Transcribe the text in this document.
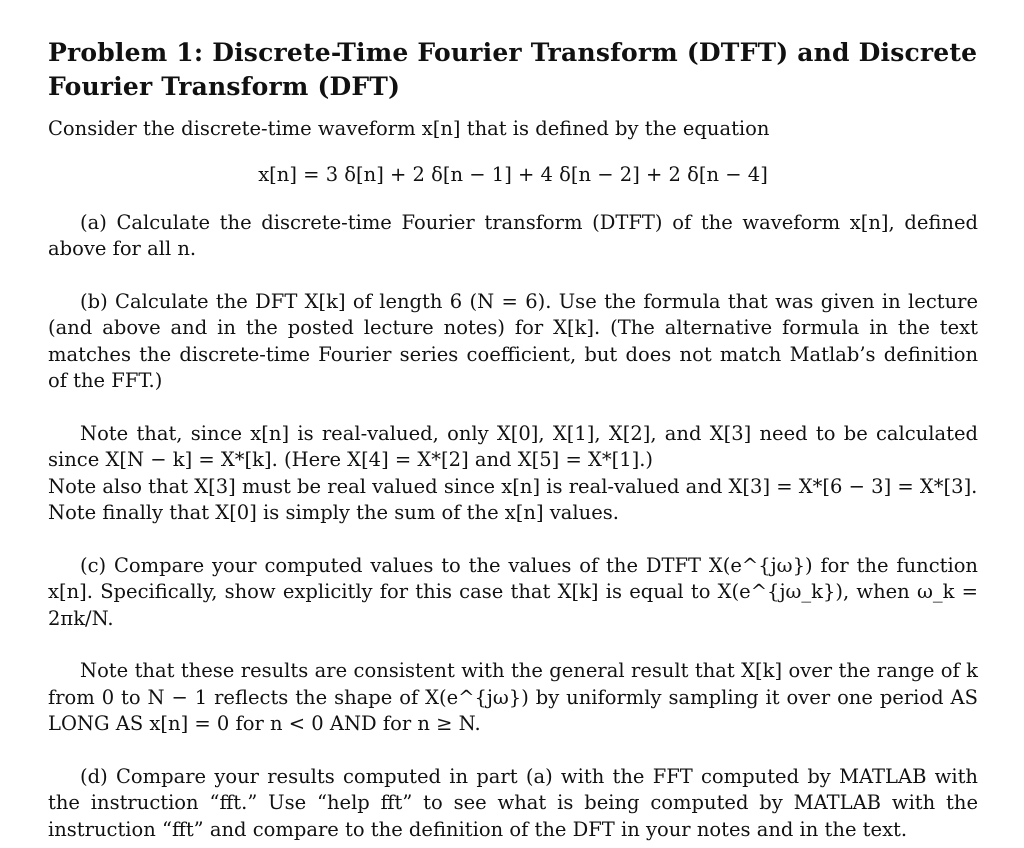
Problem 1: Discrete-Time Fourier Transform (DTFT) and Discrete Fourier Transform (DFT)

Consider the discrete-time waveform x[n] that is defined by the equation

x[n] = 3 δ[n] + 2 δ[n − 1] + 4 δ[n − 2] + 2 δ[n − 4]

(a) Calculate the discrete-time Fourier transform (DTFT) of the waveform x[n], defined above for all n.

(b) Calculate the DFT X[k] of length 6 (N = 6). Use the formula that was given in lecture (and above and in the posted lecture notes) for X[k]. (The alternative formula in the text matches the discrete-time Fourier series coefficient, but does not match Matlab’s definition of the FFT.)

Note that, since x[n] is real-valued, only X[0], X[1], X[2], and X[3] need to be calculated since X[N − k] = X*[k]. (Here X[4] = X*[2] and X[5] = X*[1].)

Note also that X[3] must be real valued since x[n] is real-valued and X[3] = X*[6 − 3] = X*[3].

Note finally that X[0] is simply the sum of the x[n] values.

(c) Compare your computed values to the values of the DTFT X(e^{jω}) for the function x[n]. Specifically, show explicitly for this case that X[k] is equal to X(e^{jω_k}), when ω_k = 2πk/N.

Note that these results are consistent with the general result that X[k] over the range of k from 0 to N − 1 reflects the shape of X(e^{jω}) by uniformly sampling it over one period AS LONG AS x[n] = 0 for n < 0 AND for n ≥ N.

(d) Compare your results computed in part (a) with the FFT computed by MATLAB with the instruction “fft.” Use “help fft” to see what is being computed by MATLAB with the instruction “fft” and compare to the definition of the DFT in your notes and in the text.
